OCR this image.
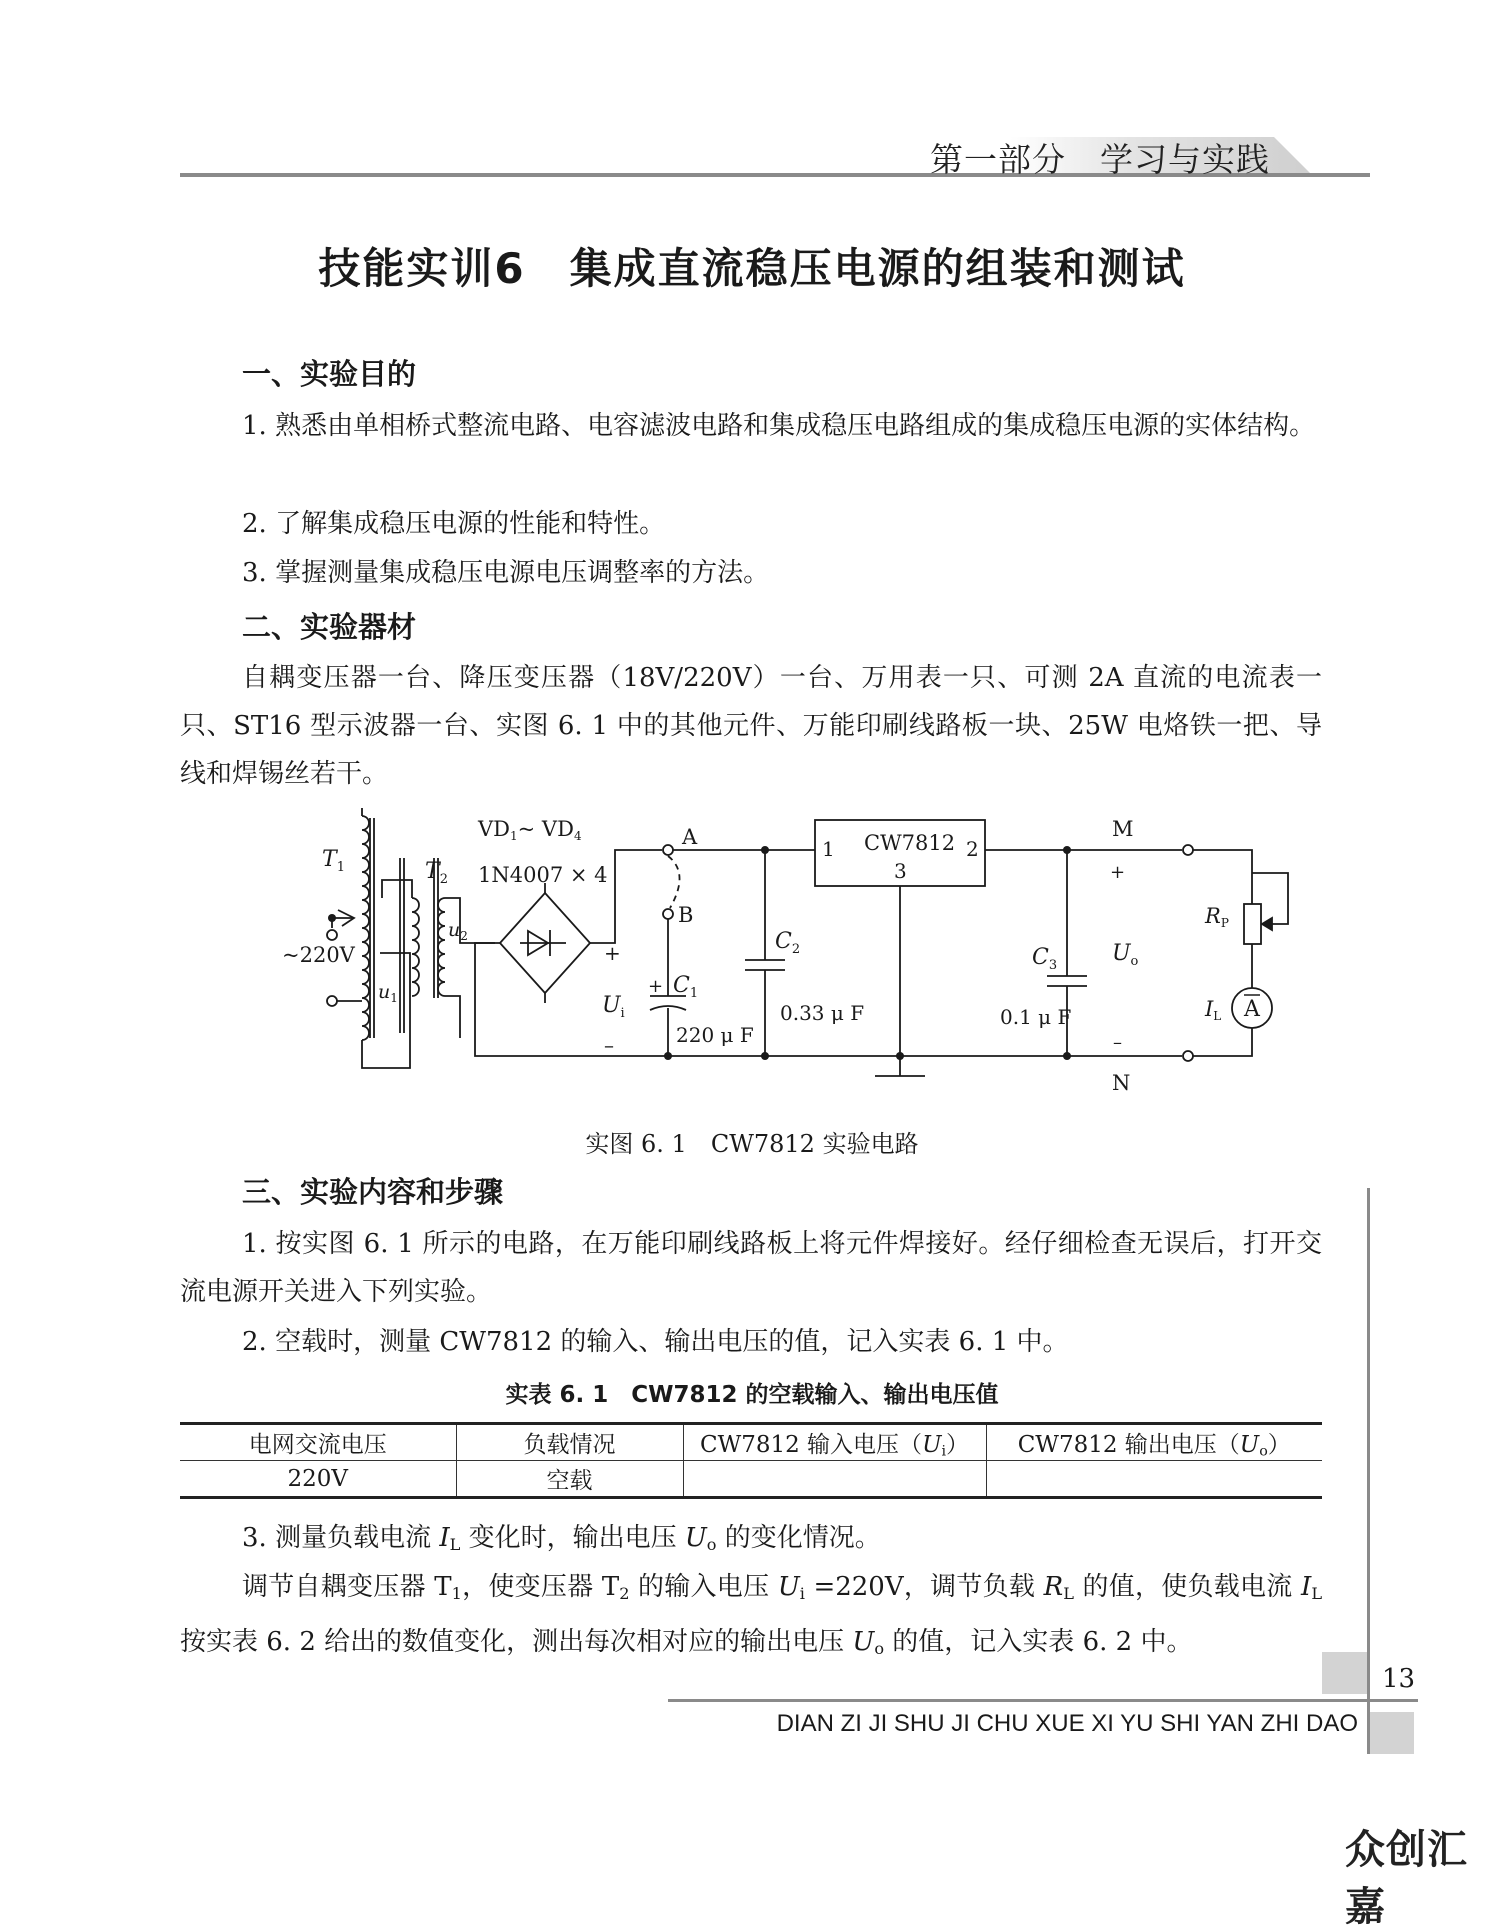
第一部分　学习与实践
技能实训6　集成直流稳压电源的组装和测试
一、实验目的
1. 熟悉由单相桥式整流电路、电容滤波电路和集成稳压电路组成的集成稳压电源的实体结构。
2. 了解集成稳压电源的性能和特性。
3. 掌握测量集成稳压电源电压调整率的方法。
二、实验器材
自耦变压器一台、降压变压器（18V/220V）一台、万用表一只、可测 2A 直流的电流表一只、ST16 型示波器一台、实图 6. 1 中的其他元件、万能印刷线路板一块、25W 电烙铁一把、导线和焊锡丝若干。
$T_1$	$T_2$
~220V
$u_1$
$u_2$
VD1~ VD4
1N4007 × 4
+
–
$U_i$
A
B
+ $C_1$
220 μ F
$C_2$
0.33 μ F
CW7812
1	2
3
$C_3$
0.1 μ F
M
N
+
–
$U_o$
RP
IL A
实图 6. 1　CW7812 实验电路
三、实验内容和步骤
1. 按实图 6. 1 所示的电路，在万能印刷线路板上将元件焊接好。经仔细检查无误后，打开交流电源开关进入下列实验。
2. 空载时，测量 CW7812 的输入、输出电压的值，记入实表 6. 1 中。
实表 6. 1　CW7812 的空载输入、输出电压值
电网交流电压	负载情况	CW7812 输入电压$(U_i)$	CW7812 输出电压$(U_o)$
220V	空载		
3. 测量负载电流 $I_L$ 变化时，输出电压 $U_o$ 的变化情况。
调节自耦变压器 $T_1$，使变压器 $T_2$ 的输入电压 $U_i =220V$，调节负载 $R_L$ 的值，使负载电流 $I_L$ 按实表 6. 2 给出的数值变化，测出每次相对应的输出电压 $U_o$ 的值，记入实表 6. 2 中。
13
DIAN ZI JI SHU JI CHU XUE XI YU SHI YAN ZHI DAO
众创汇嘉
